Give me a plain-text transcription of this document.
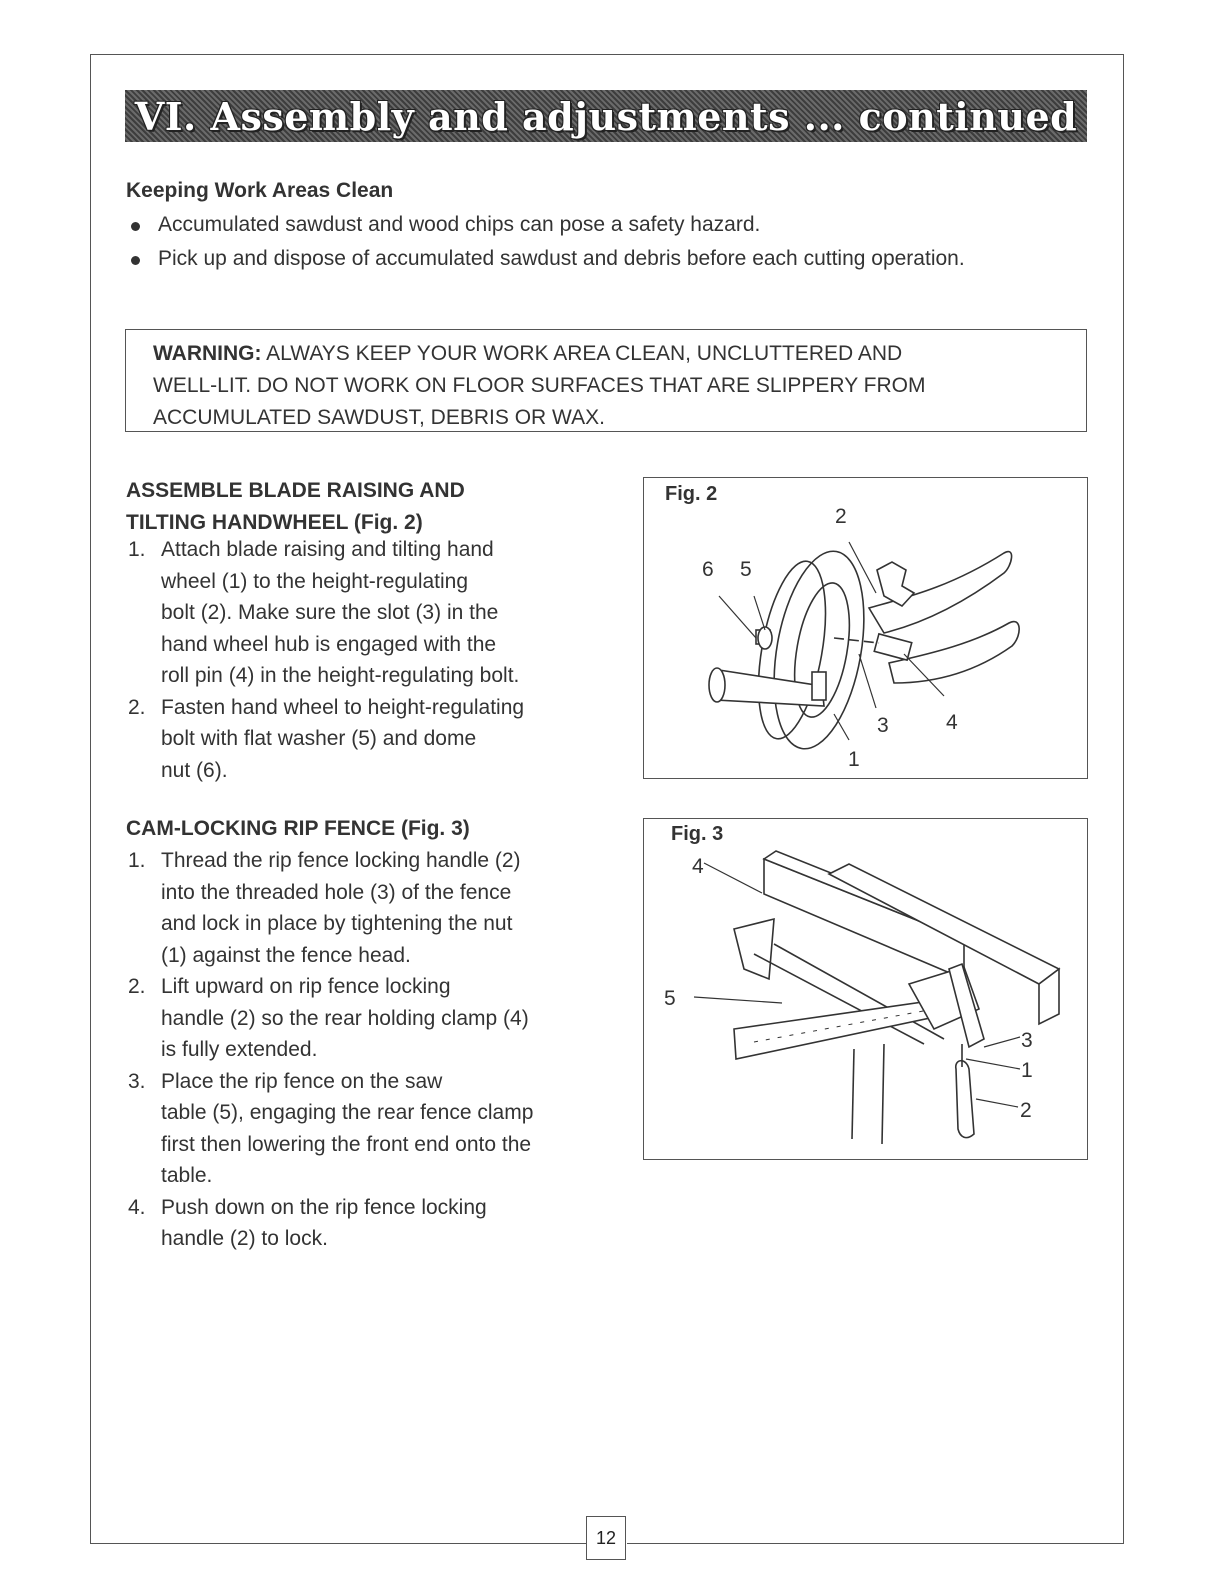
12
VI. Assembly and adjustments ... continued
Keeping Work Areas Clean
Accumulated sawdust and wood chips can pose a safety hazard.
Pick up and dispose of accumulated sawdust and debris before each cutting operation.
WARNING: ALWAYS KEEP YOUR WORK AREA CLEAN, UNCLUTTERED AND
WELL-LIT. DO NOT WORK ON FLOOR SURFACES THAT ARE SLIPPERY FROM
ACCUMULATED SAWDUST, DEBRIS OR WAX.
ASSEMBLE BLADE RAISING AND
TILTING HANDWHEEL (Fig. 2)
1. Attach blade raising and tilting hand
wheel (1) to the height-regulating
bolt (2). Make sure the slot (3) in the
hand wheel hub is engaged with the
roll pin (4) in the height-regulating bolt.
2. Fasten hand wheel to height-regulating
bolt with flat washer (5) and dome
nut (6).
CAM-LOCKING RIP FENCE (Fig. 3)
1. Thread the rip fence locking handle (2)
into the threaded hole (3) of the fence
and lock in place by tightening the nut
(1) against the fence head.
2. Lift upward on rip fence locking
handle (2) so the rear holding clamp (4)
is fully extended.
3. Place the rip fence on the saw
table (5), engaging the rear fence clamp
first then lowering the front end onto the
table.
4. Push down on the rip fence locking
handle (2) to lock.
Fig. 2
2
6 5
3	4
1
Fig. 3
4
5
3
1
2
